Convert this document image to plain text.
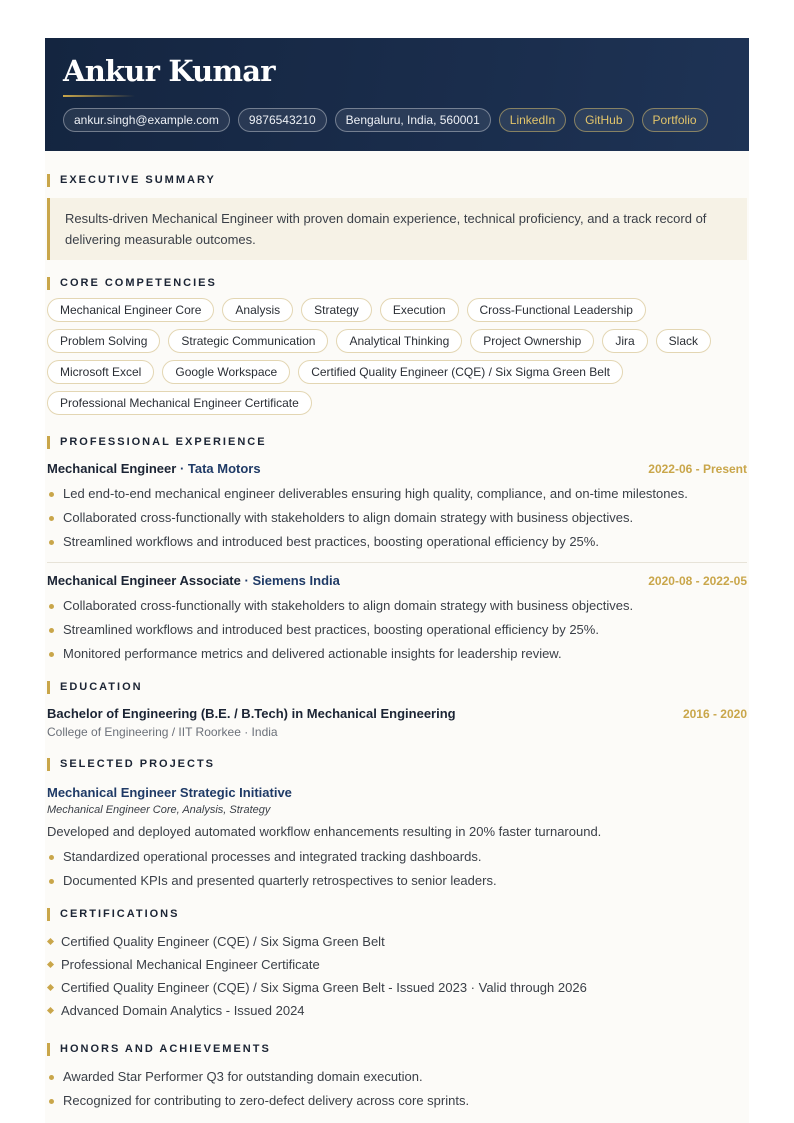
Ankur Kumar
ankur.singh@example.com	9876543210	Bengaluru, India, 560001	LinkedIn	GitHub	Portfolio
EXECUTIVE SUMMARY
Results-driven Mechanical Engineer with proven domain experience, technical proficiency, and a track record of delivering measurable outcomes.
CORE COMPETENCIES
Mechanical Engineer Core	Analysis	Strategy	Execution	Cross-Functional Leadership
Problem Solving	Strategic Communication	Analytical Thinking	Project Ownership	Jira	Slack
Microsoft Excel	Google Workspace	Certified Quality Engineer (CQE) / Six Sigma Green Belt
Professional Mechanical Engineer Certificate
PROFESSIONAL EXPERIENCE
Mechanical Engineer · Tata Motors	2022-06 - Present
Led end-to-end mechanical engineer deliverables ensuring high quality, compliance, and on-time milestones.
Collaborated cross-functionally with stakeholders to align domain strategy with business objectives.
Streamlined workflows and introduced best practices, boosting operational efficiency by 25%.
Mechanical Engineer Associate · Siemens India	2020-08 - 2022-05
Collaborated cross-functionally with stakeholders to align domain strategy with business objectives.
Streamlined workflows and introduced best practices, boosting operational efficiency by 25%.
Monitored performance metrics and delivered actionable insights for leadership review.
EDUCATION
Bachelor of Engineering (B.E. / B.Tech) in Mechanical Engineering	2016 - 2020
College of Engineering / IIT Roorkee · India
SELECTED PROJECTS
Mechanical Engineer Strategic Initiative
Mechanical Engineer Core, Analysis, Strategy
Developed and deployed automated workflow enhancements resulting in 20% faster turnaround.
Standardized operational processes and integrated tracking dashboards.
Documented KPIs and presented quarterly retrospectives to senior leaders.
CERTIFICATIONS
Certified Quality Engineer (CQE) / Six Sigma Green Belt
Professional Mechanical Engineer Certificate
Certified Quality Engineer (CQE) / Six Sigma Green Belt - Issued 2023 · Valid through 2026
Advanced Domain Analytics - Issued 2024
HONORS AND ACHIEVEMENTS
Awarded Star Performer Q3 for outstanding domain execution.
Recognized for contributing to zero-defect delivery across core sprints.
